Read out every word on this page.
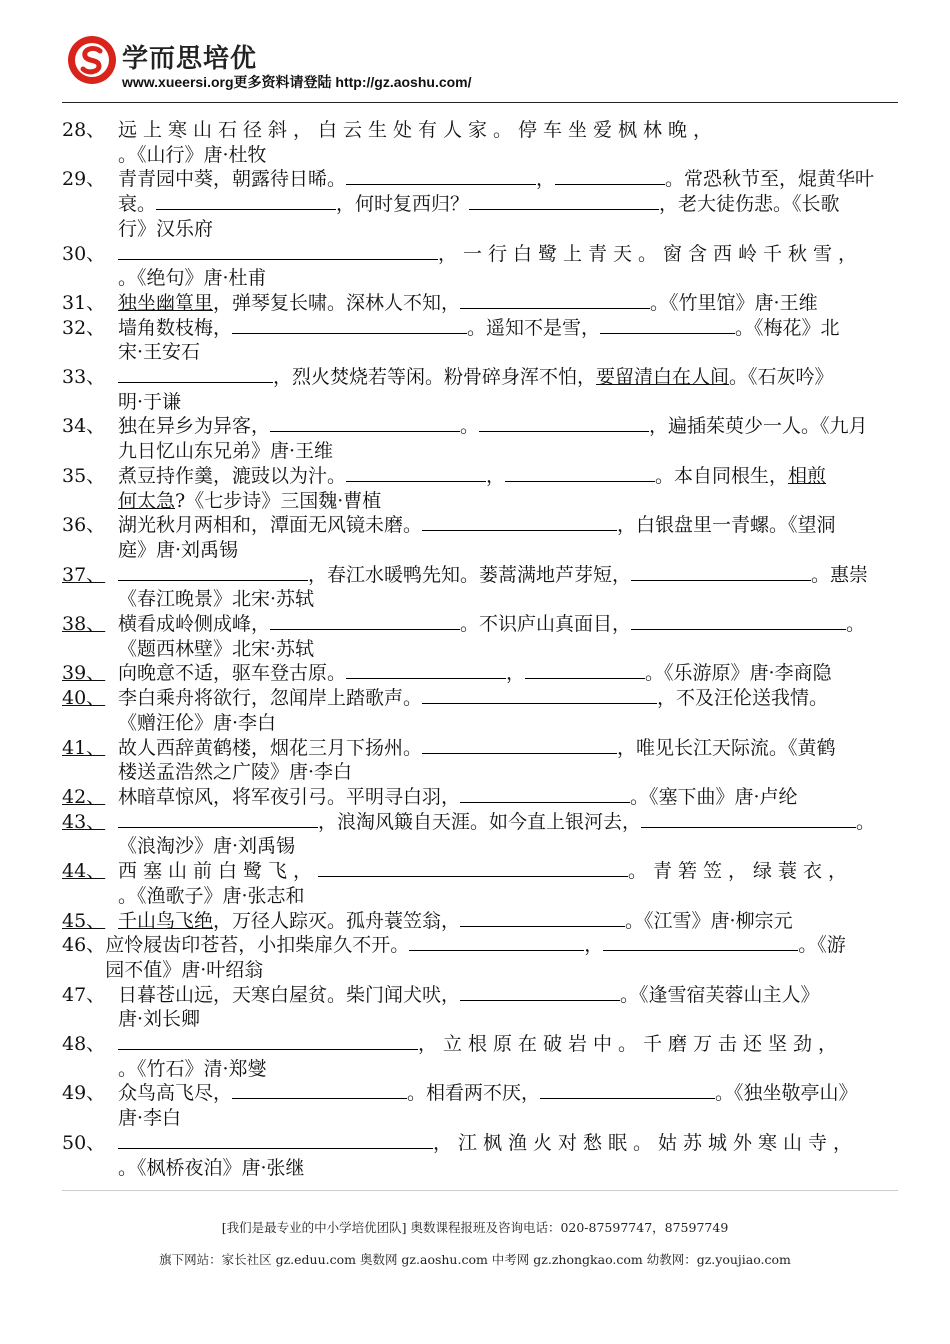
学而思培优
www.xueersi.org更多资料请登陆 http://gz.aoshu.com/
28、 远上寒山石径斜，白云生处有人家。停车坐爱枫林晚，
。《山行》唐·杜牧
29、 青青园中葵，朝露待日晞。	，	。常恐秋节至，焜黄华叶
衰。	，何时复西归？	，老大徒伤悲。《长歌
行》汉乐府
30、	，一行白鹭上青天。窗含西岭千秋雪，
。《绝句》唐·杜甫
31、 独坐幽篁里，弹琴复长啸。深林人不知，	。《竹里馆》唐·王维
32、 墙角数枝梅，	。遥知不是雪，	。《梅花》北
宋·王安石
33、	，烈火焚烧若等闲。粉骨碎身浑不怕，要留清白在人间。《石灰吟》
明·于谦
34、 独在异乡为异客，	。	，遍插茱萸少一人。《九月
九日忆山东兄弟》唐·王维
35、 煮豆持作羹，漉豉以为汁。	，	。本自同根生，相煎
何太急?《七步诗》三国魏·曹植
36、 湖光秋月两相和，潭面无风镜未磨。	，白银盘里一青螺。《望洞
庭》唐·刘禹锡
37、	，春江水暖鸭先知。蒌蒿满地芦芽短，	。惠崇
《春江晚景》北宋·苏轼
38、 横看成岭侧成峰，	。不识庐山真面目，	。
《题西林壁》北宋·苏轼
39、 向晚意不适，驱车登古原。	，	。《乐游原》唐·李商隐
40、 李白乘舟将欲行，忽闻岸上踏歌声。	，不及汪伦送我情。
《赠汪伦》唐·李白
41、 故人西辞黄鹤楼，烟花三月下扬州。	，唯见长江天际流。《黄鹤
楼送孟浩然之广陵》唐·李白
42、 林暗草惊风，将军夜引弓。平明寻白羽，	。《塞下曲》唐·卢纶
43、	，浪淘风簸自天涯。如今直上银河去，	。
《浪淘沙》唐·刘禹锡
44、 西塞山前白鹭飞，	。青箬笠，绿蓑衣，
。《渔歌子》唐·张志和
45、 千山鸟飞绝，万径人踪灭。孤舟蓑笠翁，	。《江雪》唐·柳宗元
46、 应怜屐齿印苍苔，小扣柴扉久不开。	，	。《游
园不值》唐·叶绍翁
47、 日暮苍山远，天寒白屋贫。柴门闻犬吠，	。《逢雪宿芙蓉山主人》
唐·刘长卿
48、	，立根原在破岩中。千磨万击还坚劲，
。《竹石》清·郑燮
49、 众鸟高飞尽，	。相看两不厌，	。《独坐敬亭山》
唐·李白
50、	，江枫渔火对愁眠。姑苏城外寒山寺，
。《枫桥夜泊》唐·张继
[我们是最专业的中小学培优团队] 奥数课程报班及咨询电话：020-87597747，87597749
旗下网站：家长社区 gz.eduu.com 奥数网 gz.aoshu.com 中考网 gz.zhongkao.com 幼教网：gz.youjiao.com
